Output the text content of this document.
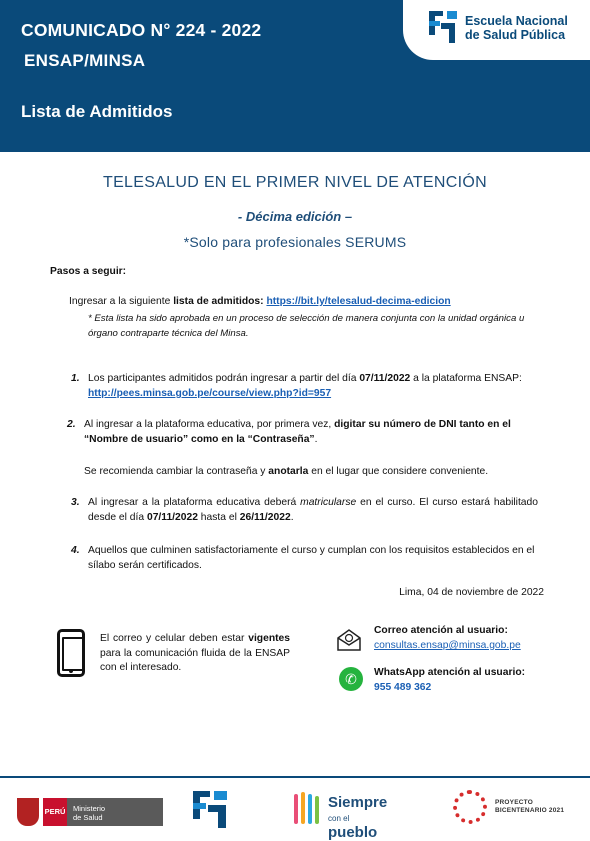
COMUNICADO N° 224 - 2022
ENSAP/MINSA
Lista de Admitidos
Escuela Nacional
de Salud Pública
TELESALUD EN EL PRIMER NIVEL DE ATENCIÓN
- Décima edición –
*Solo para profesionales SERUMS
Pasos a seguir:
Ingresar a la siguiente lista de admitidos: https://bit.ly/telesalud-decima-edicion
* Esta lista ha sido aprobada en un proceso de selección de manera conjunta con la unidad orgánica u órgano contraparte técnica del Minsa.
1. Los participantes admitidos podrán ingresar a partir del día 07/11/2022 a la plataforma ENSAP: http://pees.minsa.gob.pe/course/view.php?id=957
2. Al ingresar a la plataforma educativa, por primera vez, digitar su número de DNI tanto en el “Nombre de usuario” como en la “Contraseña”.
Se recomienda cambiar la contraseña y anotarla en el lugar que considere conveniente.
3. Al ingresar a la plataforma educativa deberá matricularse en el curso. El curso estará habilitado desde el día 07/11/2022 hasta el 26/11/2022.
4. Aquellos que culminen satisfactoriamente el curso y cumplan con los requisitos establecidos en el sílabo serán certificados.
Lima, 04 de noviembre de 2022
El correo y celular deben estar vigentes para la comunicación fluida de la ENSAP con el interesado.
Correo atención al usuario:
consultas.ensap@minsa.gob.pe
✆	WhatsApp atención al usuario:
955 489 362
PERÚ Ministerio
de Salud
Siempre
con el pueblo
PROYECTO
BICENTENARIO 2021
